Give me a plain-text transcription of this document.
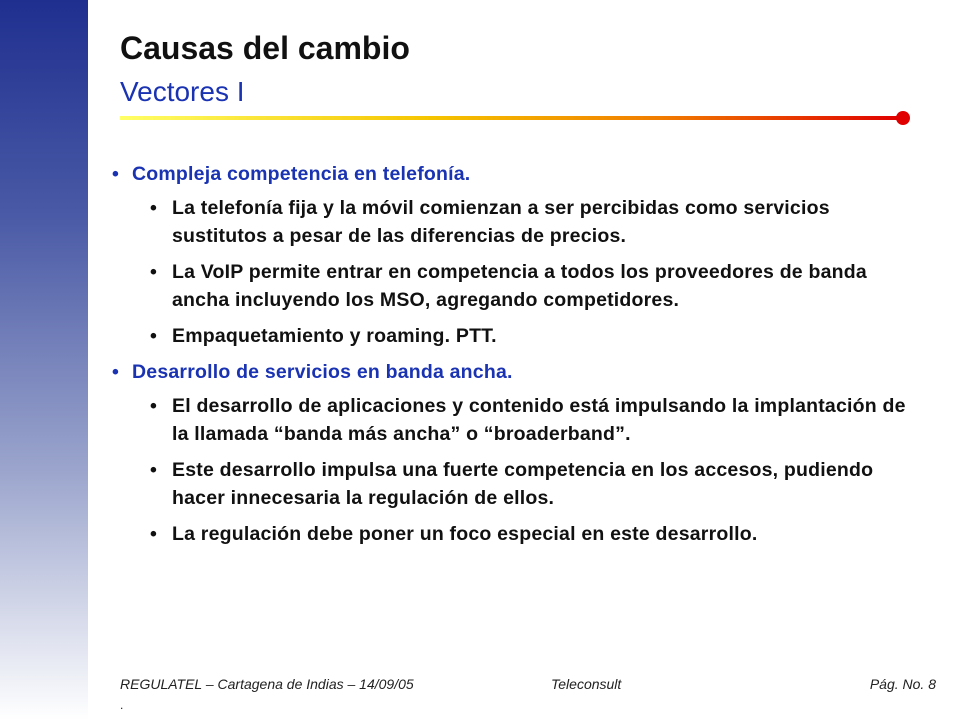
Causas del cambio
Vectores I
• Compleja competencia en telefonía.
• La telefonía fija y la móvil comienzan a ser percibidas como servicios sustitutos a pesar de las diferencias de precios.
• La VoIP permite entrar en competencia a todos los proveedores de banda ancha incluyendo los MSO, agregando competidores.
• Empaquetamiento y roaming. PTT.
• Desarrollo de servicios en banda ancha.
• El desarrollo de aplicaciones y contenido está impulsando la implantación de la llamada “banda más ancha” o “broaderband”.
• Este desarrollo impulsa una fuerte competencia en los accesos, pudiendo hacer innecesaria la regulación de ellos.
• La regulación debe poner un foco especial en este desarrollo.
REGULATEL – Cartagena de Indias – 14/09/05	Teleconsult	Pág. No. 8
.
